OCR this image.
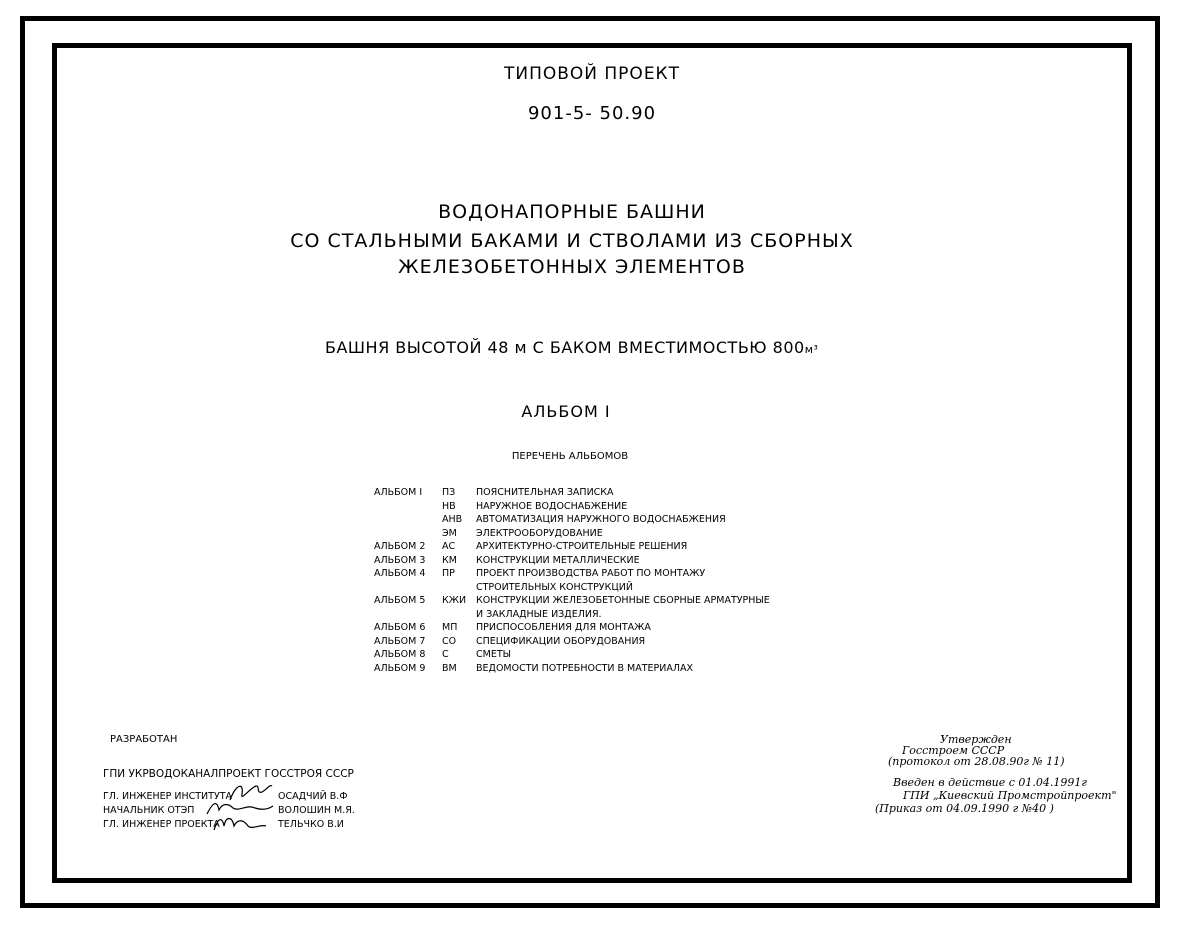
ТИПОВОЙ ПРОЕКТ
901-5- 50.90
ВОДОНАПОРНЫЕ БАШНИ
СО СТАЛЬНЫМИ БАКАМИ И СТВОЛАМИ ИЗ СБОРНЫХ
ЖЕЛЕЗОБЕТОННЫХ ЭЛЕМЕНТОВ
БАШНЯ ВЫСОТОЙ 48 м С БАКОМ ВМЕСТИМОСТЬЮ 800м³
АЛЬБОМ I
ПЕРЕЧЕНЬ АЛЬБОМОВ
АЛЬБОМ I	ПЗ	ПОЯСНИТЕЛЬНАЯ ЗАПИСКА
	НВ	НАРУЖНОЕ ВОДОСНАБЖЕНИЕ
	АНВ	АВТОМАТИЗАЦИЯ НАРУЖНОГО ВОДОСНАБЖЕНИЯ
	ЭМ	ЭЛЕКТРООБОРУДОВАНИЕ
АЛЬБОМ 2	АС	АРХИТЕКТУРНО-СТРОИТЕЛЬНЫЕ РЕШЕНИЯ
АЛЬБОМ 3	КМ	КОНСТРУКЦИИ МЕТАЛЛИЧЕСКИЕ
АЛЬБОМ 4	ПР	ПРОЕКТ ПРОИЗВОДСТВА РАБОТ ПО МОНТАЖУ
		СТРОИТЕЛЬНЫХ КОНСТРУКЦИЙ
АЛЬБОМ 5	КЖИ	КОНСТРУКЦИИ ЖЕЛЕЗОБЕТОННЫЕ СБОРНЫЕ АРМАТУРНЫЕ
		И ЗАКЛАДНЫЕ ИЗДЕЛИЯ.
АЛЬБОМ 6	МП	ПРИСПОСОБЛЕНИЯ ДЛЯ МОНТАЖА
АЛЬБОМ 7	СО	СПЕЦИФИКАЦИИ ОБОРУДОВАНИЯ
АЛЬБОМ 8	С	СМЕТЫ
АЛЬБОМ 9	ВМ	ВЕДОМОСТИ ПОТРЕБНОСТИ В МАТЕРИАЛАХ
РАЗРАБОТАН
ГПИ УКРВОДОКАНАЛПРОЕКТ ГОССТРОЯ СССР
ГЛ. ИНЖЕНЕР ИНСТИТУТА	ОСАДЧИЙ В.Ф
НАЧАЛЬНИК ОТЭП	ВОЛОШИН М.Я.
ГЛ. ИНЖЕНЕР ПРОЕКТА	ТЕЛЬЧКО В.И
Утвержден
Госстроем СССР
(протокол от 28.08.90г № 11)
Введен в действие с 01.04.1991г
ГПИ „Киевский Промстройпроект"
(Приказ от 04.09.1990 г №40 )
